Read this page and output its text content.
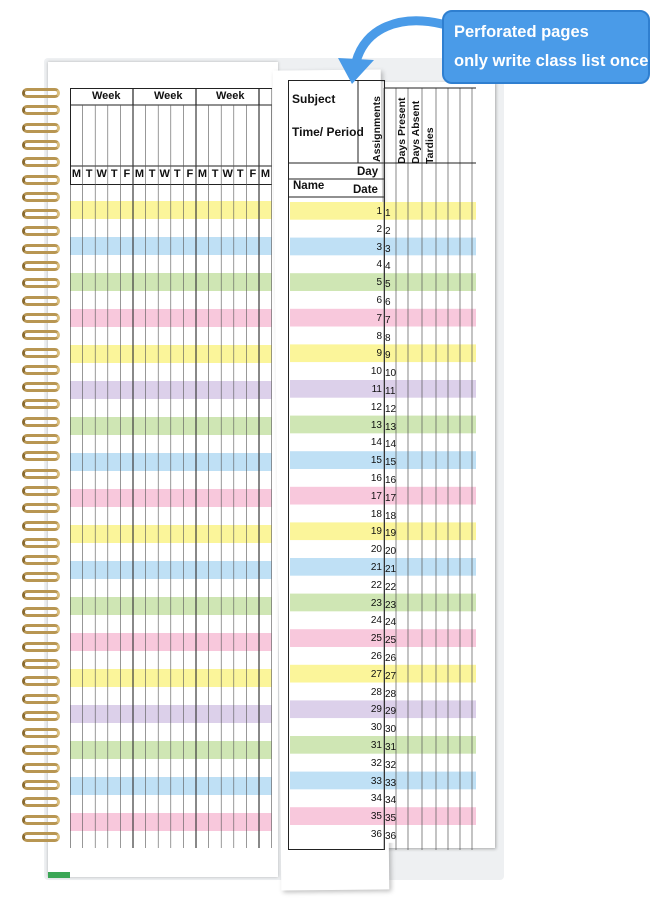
Week	Week	Week
M T W T F M T W T F M T W T F M
Subject
Time/ Period Assignments Days Present Days Absent Tardies
Day
Name Date
1 1
2 2
3 3
4 4
5 5
6 6
7 7
8 8
9 9
10 10
11 11
12 12
13 13
14 14
15 15
16 16
17 17
18 18
19 19
20 20
21 21
22 22
23 23
24 24
25 25
26 26
27 27
28 28
29 29
30 30
31 31
32 32
33 33
34 34
35 35
36 36
Perforated pages
only write class list once
